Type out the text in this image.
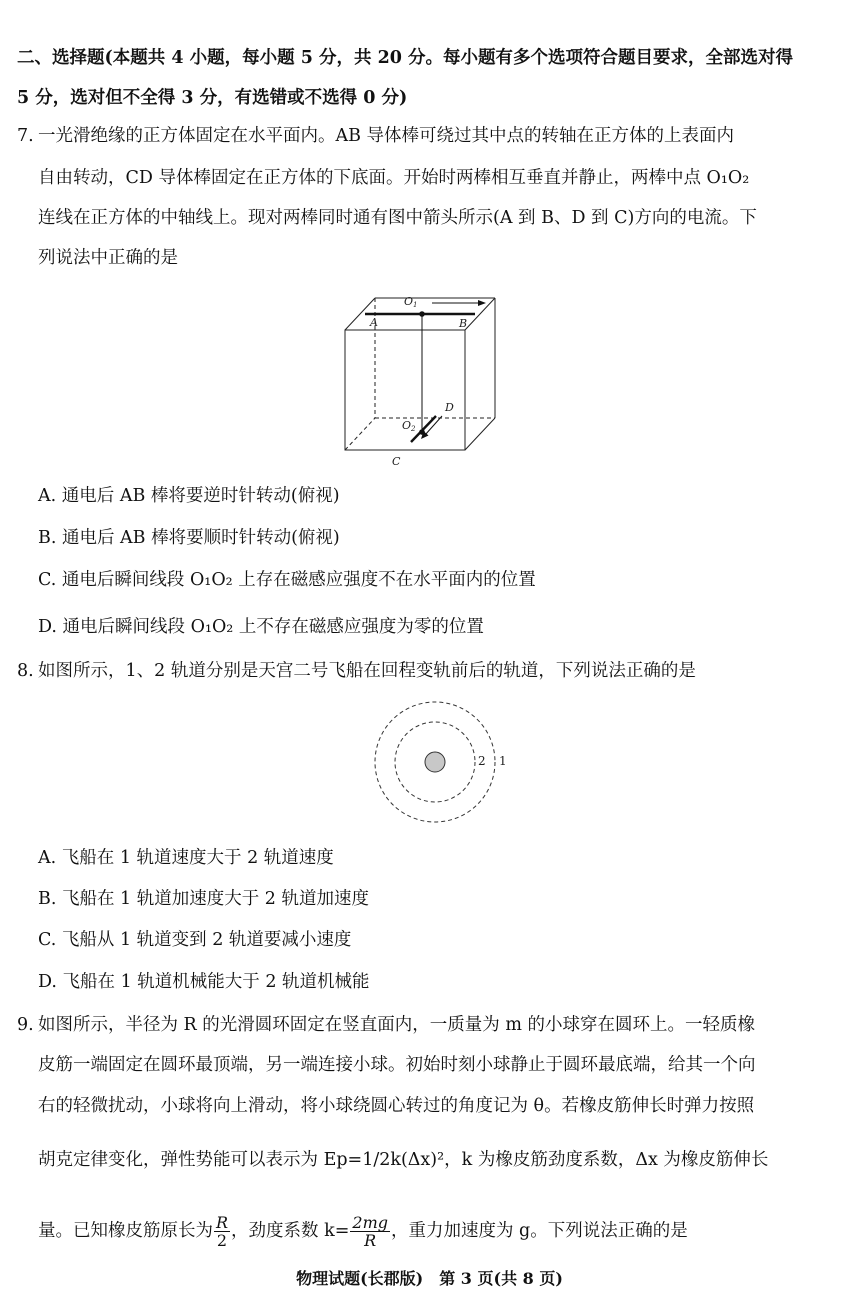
二、选择题(本题共 4 小题，每小题 5 分，共 20 分。每小题有多个选项符合题目要求，全部选对得
5 分，选对但不全得 3 分，有选错或不选得 0 分)
7. 一光滑绝缘的正方体固定在水平面内。AB 导体棒可绕过其中点的转轴在正方体的上表面内
自由转动，CD 导体棒固定在正方体的下底面。开始时两棒相互垂直并静止，两棒中点 O₁O₂
连线在正方体的中轴线上。现对两棒同时通有图中箭头所示(A 到 B、D 到 C)方向的电流。下
列说法中正确的是
A	B
O1
O2
D
C
A. 通电后 AB 棒将要逆时针转动(俯视)
B. 通电后 AB 棒将要顺时针转动(俯视)
C. 通电后瞬间线段 O₁O₂ 上存在磁感应强度不在水平面内的位置
D. 通电后瞬间线段 O₁O₂ 上不存在磁感应强度为零的位置
8. 如图所示，1、2 轨道分别是天宫二号飞船在回程变轨前后的轨道，下列说法正确的是
2 1
A. 飞船在 1 轨道速度大于 2 轨道速度
B. 飞船在 1 轨道加速度大于 2 轨道加速度
C. 飞船从 1 轨道变到 2 轨道要减小速度
D. 飞船在 1 轨道机械能大于 2 轨道机械能
9. 如图所示，半径为 R 的光滑圆环固定在竖直面内，一质量为 m 的小球穿在圆环上。一轻质橡
皮筋一端固定在圆环最顶端，另一端连接小球。初始时刻小球静止于圆环最底端，给其一个向
右的轻微扰动，小球将向上滑动，将小球绕圆心转过的角度记为 θ。若橡皮筋伸长时弹力按照
胡克定律变化，弹性势能可以表示为 Ep=1/2k(Δx)²，k 为橡皮筋劲度系数，Δx 为橡皮筋伸长
量。已知橡皮筋原长为 $\frac{R}{2}$ ，劲度系数 $k= \frac{2mg}{R}$ ，重力加速度为 g。下列说法正确的是
物理试题(长郡版)　第 3 页(共 8 页)
